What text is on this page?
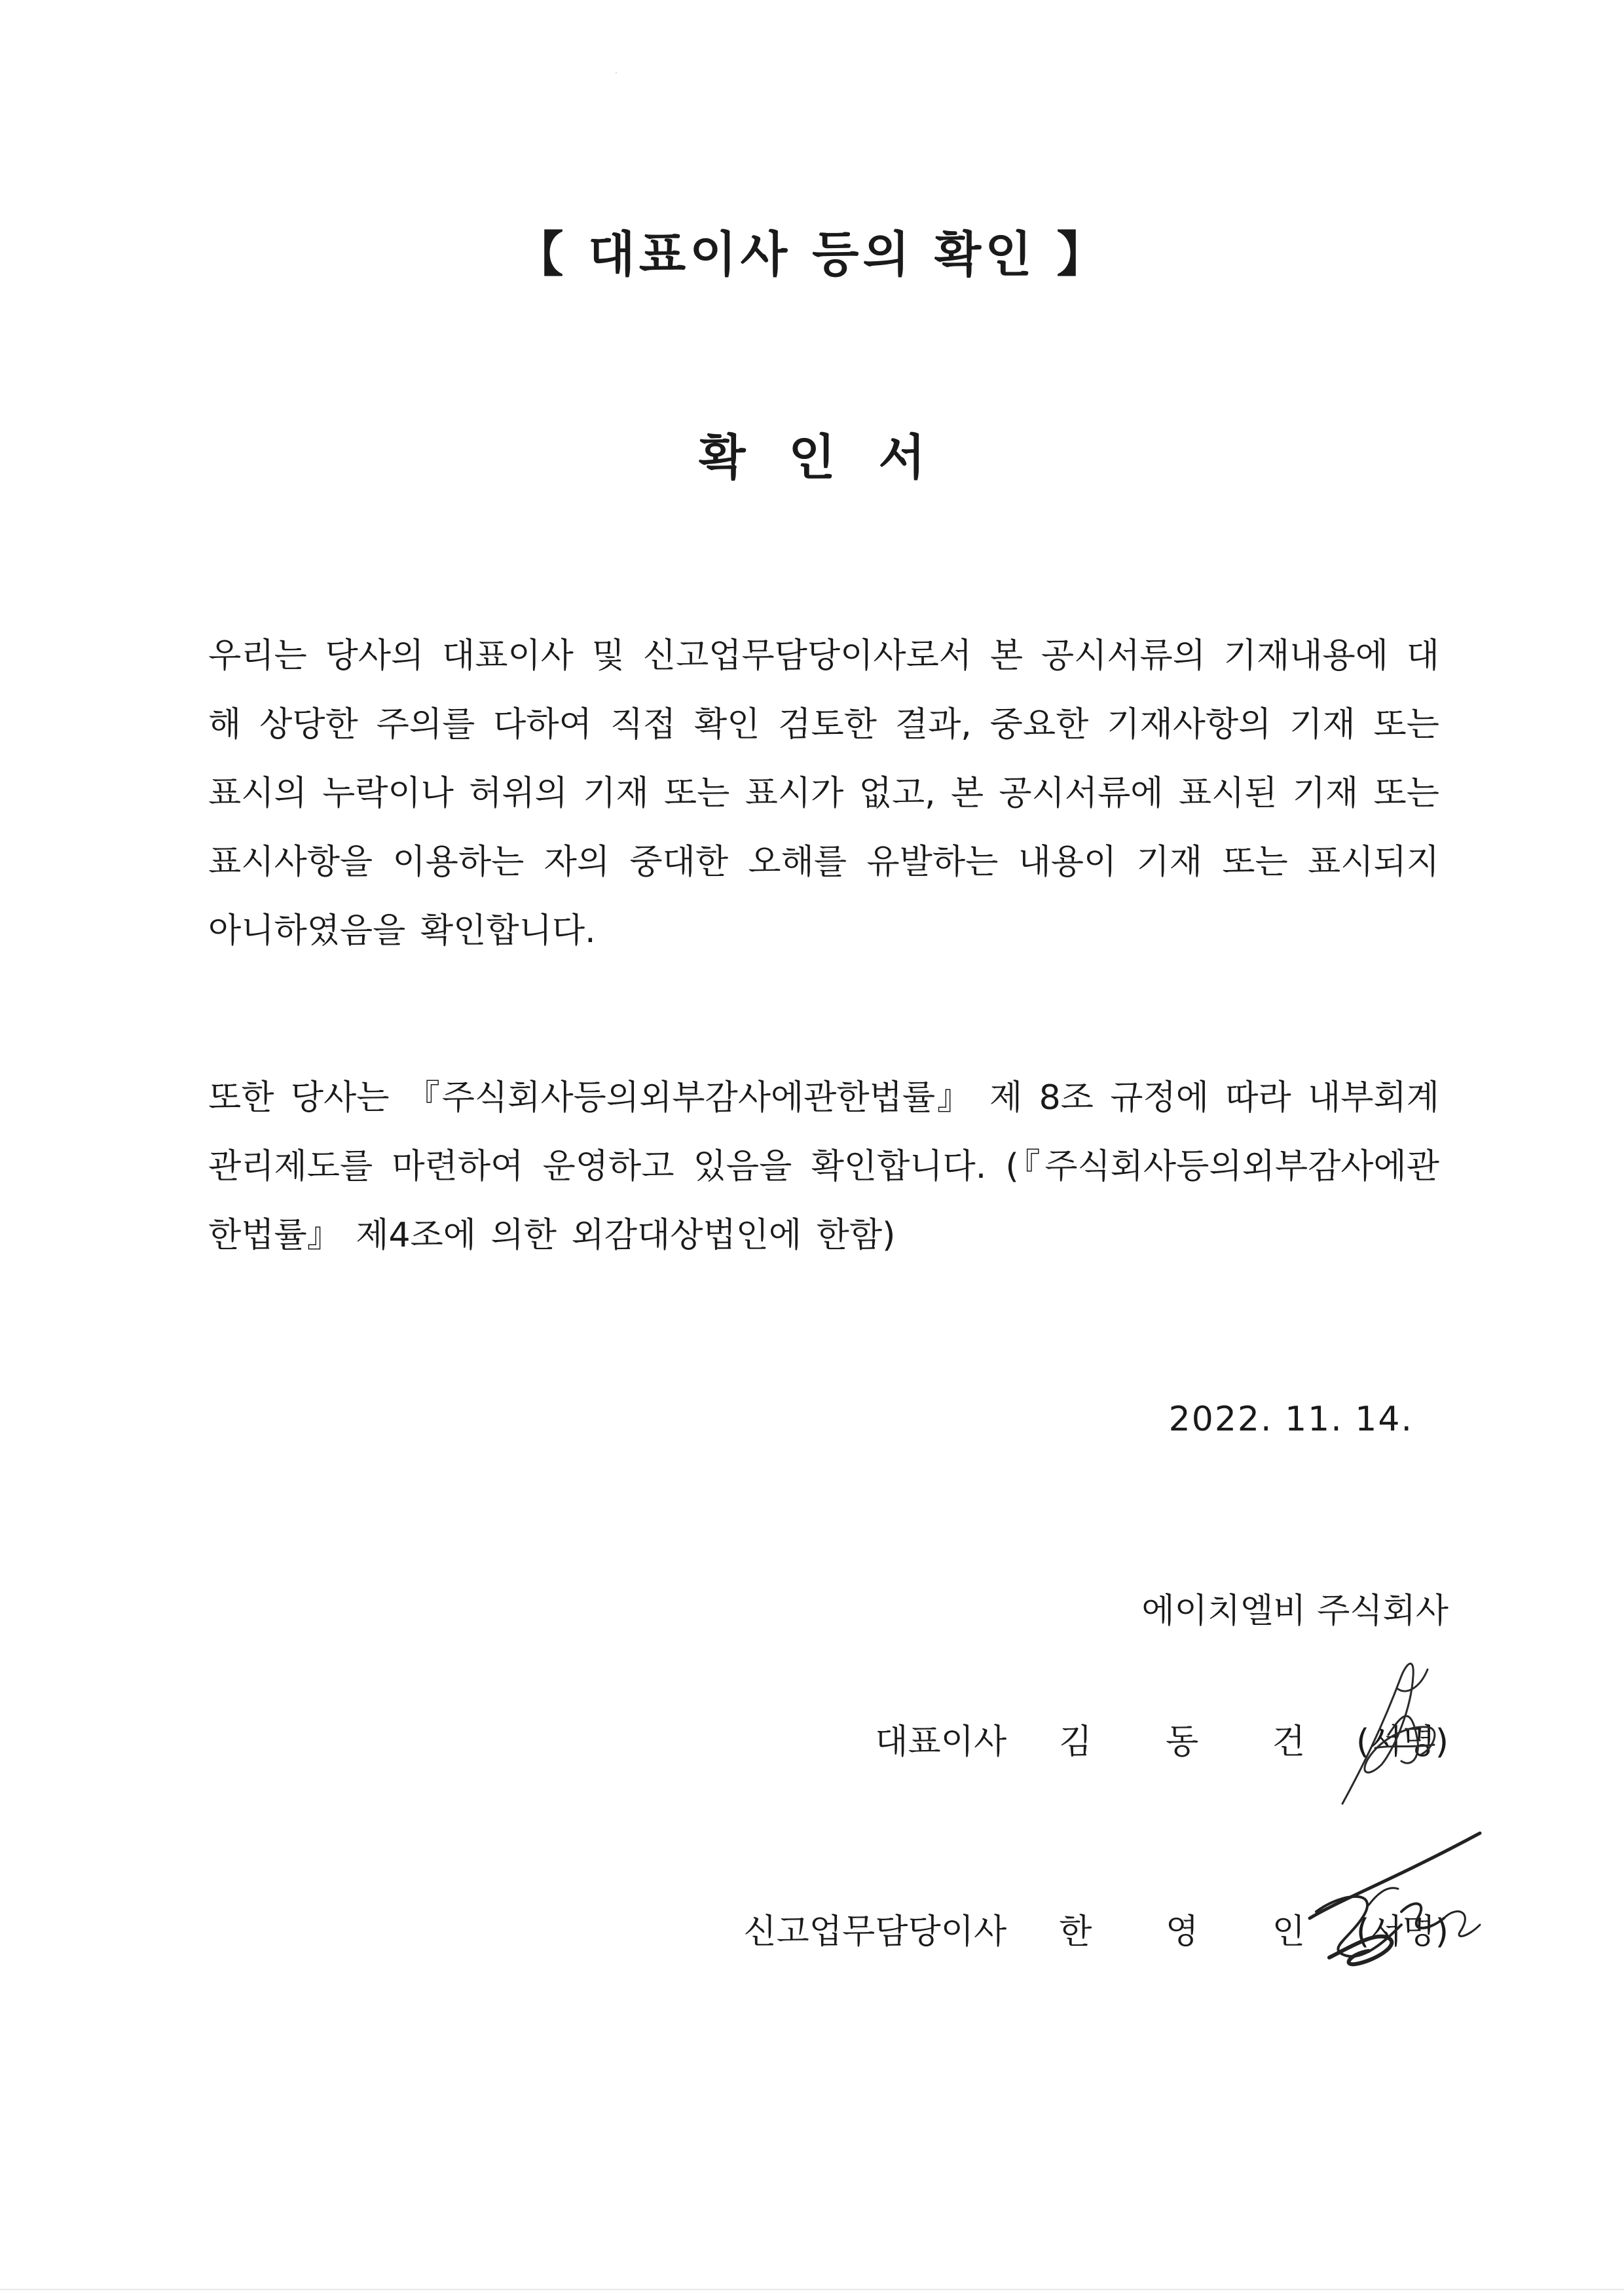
【 대표이사 등의 확인 】
확 인 서
우리는 당사의 대표이사 및 신고업무담당이사로서 본 공시서류의 기재내용에 대해 상당한 주의를 다하여 직접 확인 검토한 결과, 중요한 기재사항의 기재 또는 표시의 누락이나 허위의 기재 또는 표시가 없고, 본 공시서류에 표시된 기재 또는 표시사항을 이용하는 자의 중대한 오해를 유발하는 내용이 기재 또는 표시되지 아니하였음을 확인합니다.
또한 당사는 『주식회사등의외부감사에관한법률』 제 8조 규정에 따라 내부회계관리제도를 마련하여 운영하고 있음을 확인합니다. (『주식회사등의외부감사에관한법률』 제4조에 의한 외감대상법인에 한함)
2022. 11. 14.
에이치엘비 주식회사
대표이사 김 동 건 (서명)
신고업무담당이사 한 영 인 (서명)
